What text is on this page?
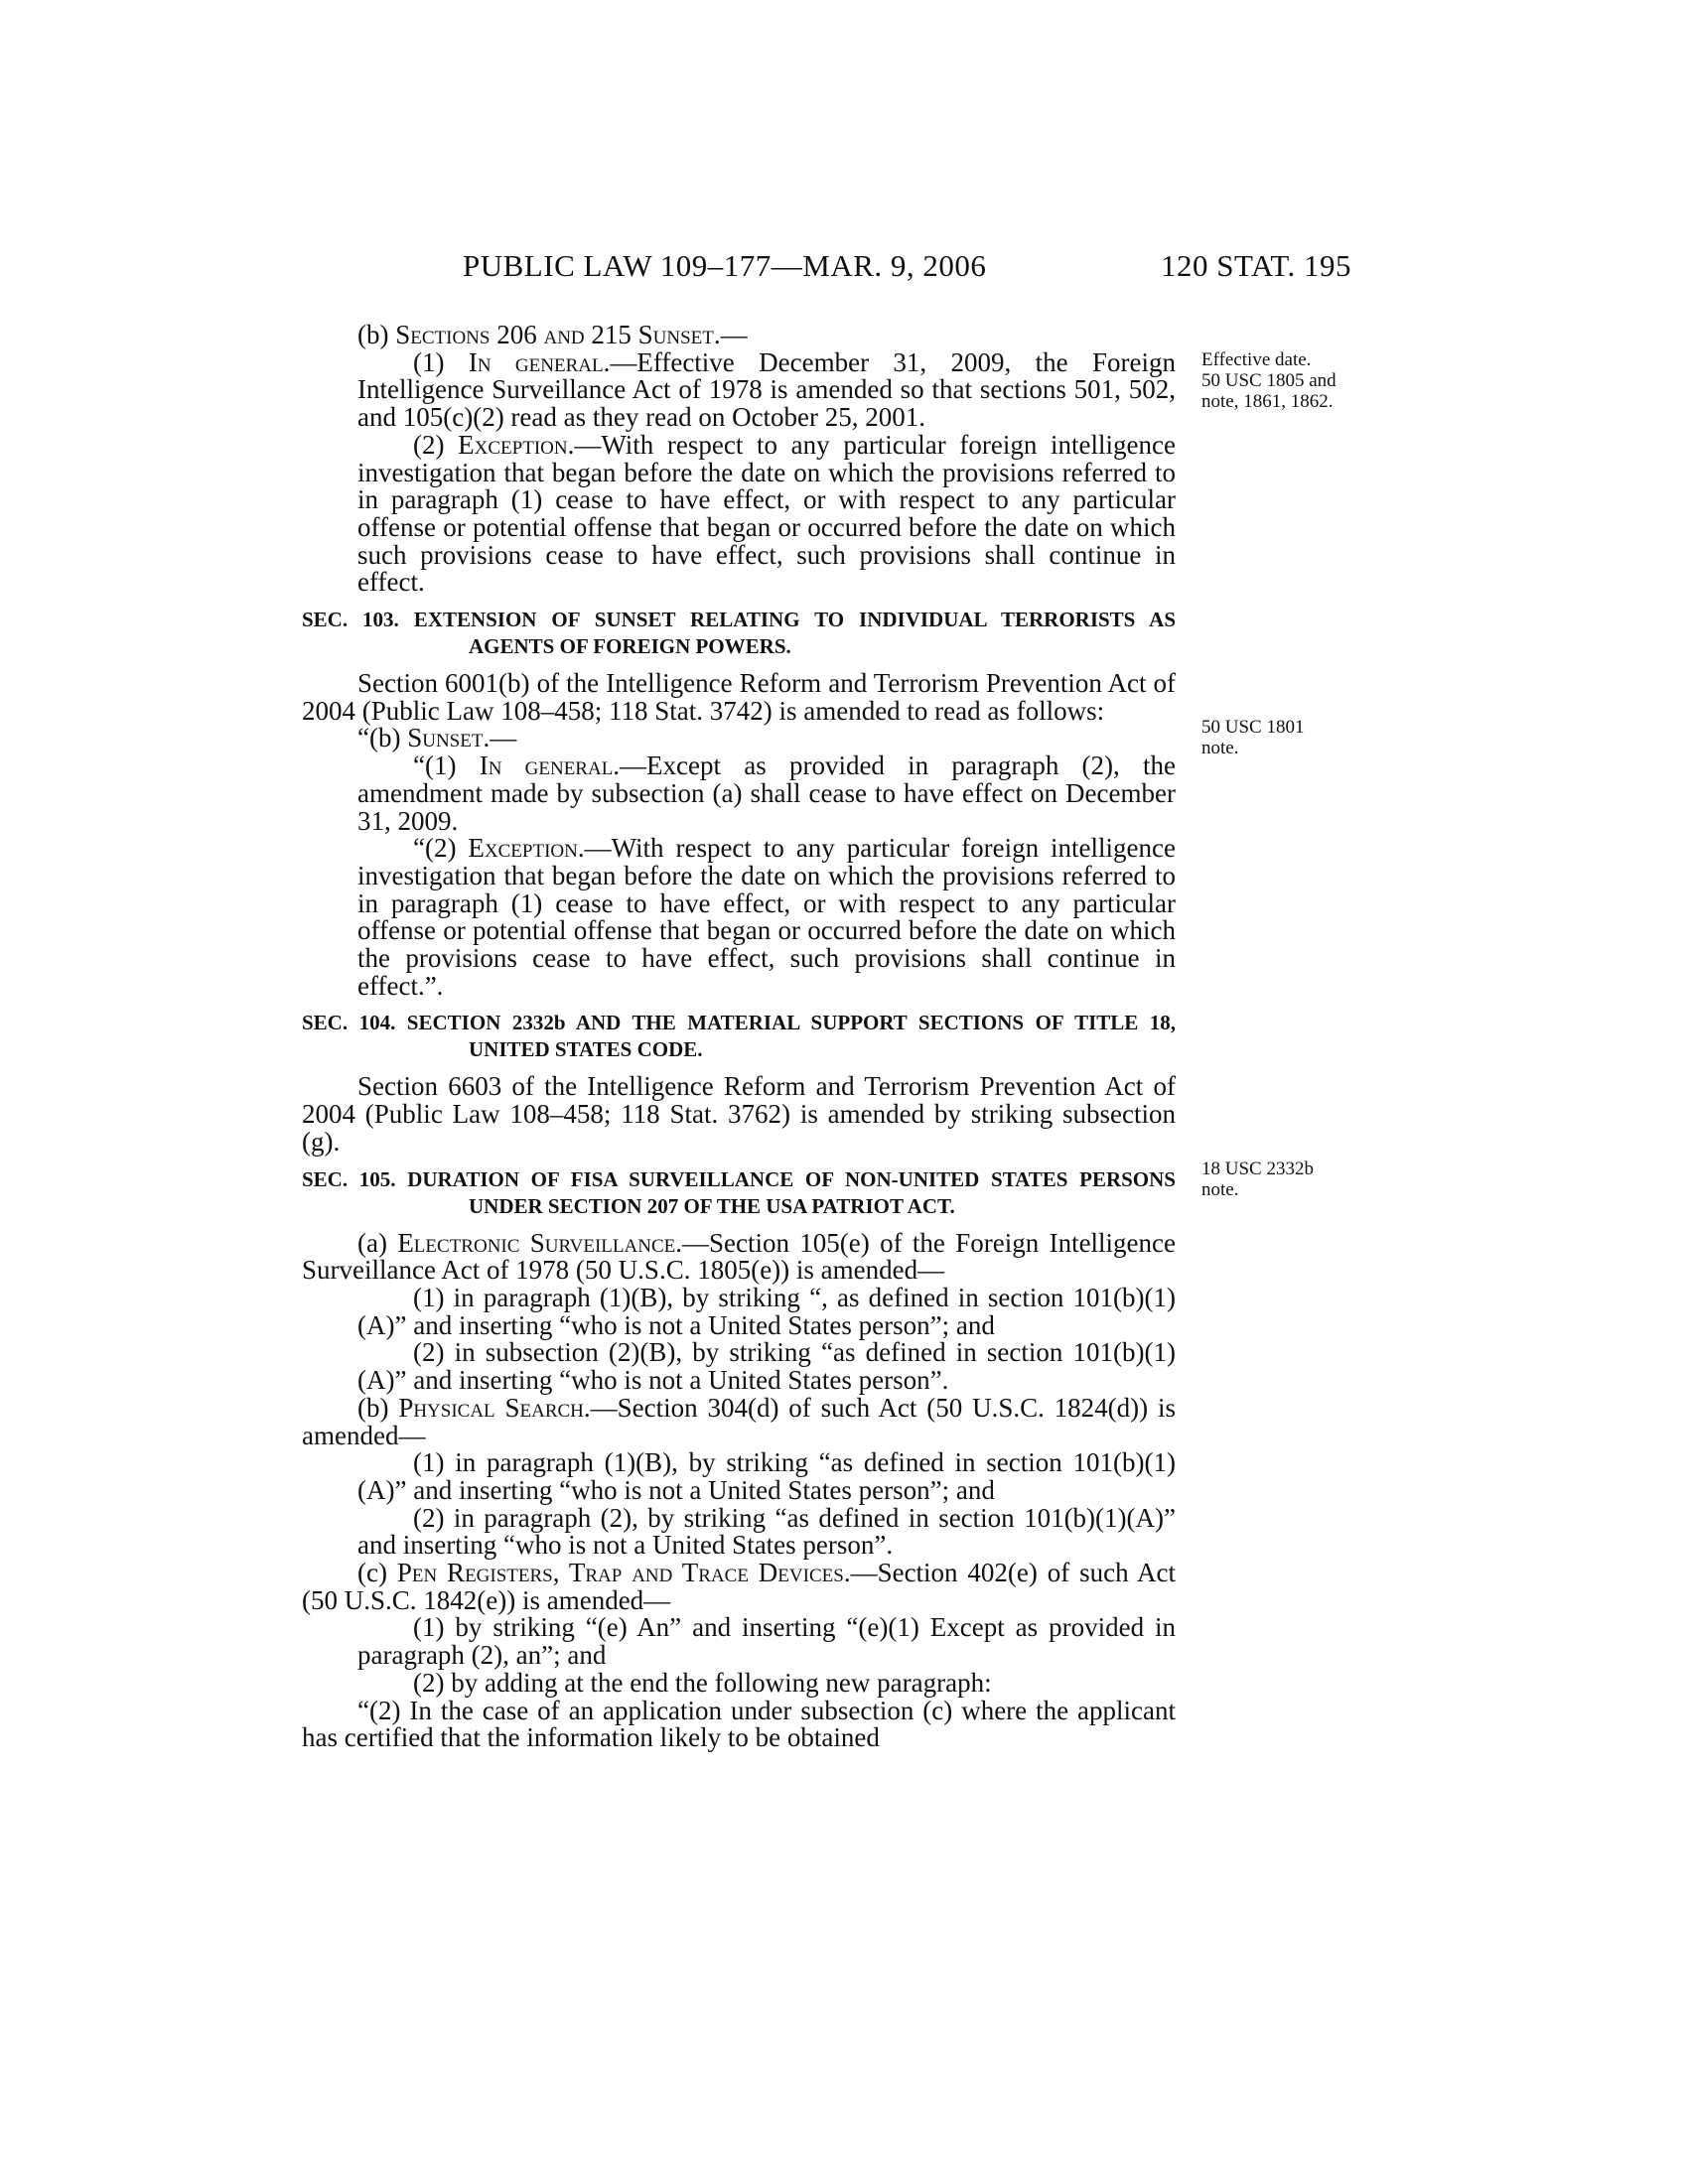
PUBLIC LAW 109–177—MAR. 9, 2006	120 STAT. 195
Effective date.
50 USC 1805 and
note, 1861, 1862.
50 USC 1801
note.
18 USC 2332b
note.

(b) Sections 206 and 215 Sunset.—

(1) In general.—Effective December 31, 2009, the Foreign Intelligence Surveillance Act of 1978 is amended so that sections 501, 502, and 105(c)(2) read as they read on October 25, 2001.

(2) Exception.—With respect to any particular foreign intelligence investigation that began before the date on which the provisions referred to in paragraph (1) cease to have effect, or with respect to any particular offense or potential offense that began or occurred before the date on which such provisions cease to have effect, such provisions shall continue in effect.

SEC. 103. EXTENSION OF SUNSET RELATING TO INDIVIDUAL TERRORISTS AS AGENTS OF FOREIGN POWERS.

Section 6001(b) of the Intelligence Reform and Terrorism Prevention Act of 2004 (Public Law 108–458; 118 Stat. 3742) is amended to read as follows:

“(b) Sunset.—

“(1) In general.—Except as provided in paragraph (2), the amendment made by subsection (a) shall cease to have effect on December 31, 2009.

“(2) Exception.—With respect to any particular foreign intelligence investigation that began before the date on which the provisions referred to in paragraph (1) cease to have effect, or with respect to any particular offense or potential offense that began or occurred before the date on which the provisions cease to have effect, such provisions shall continue in effect.”.

SEC. 104. SECTION 2332b AND THE MATERIAL SUPPORT SECTIONS OF TITLE 18, UNITED STATES CODE.

Section 6603 of the Intelligence Reform and Terrorism Prevention Act of 2004 (Public Law 108–458; 118 Stat. 3762) is amended by striking subsection (g).

SEC. 105. DURATION OF FISA SURVEILLANCE OF NON-UNITED STATES PERSONS UNDER SECTION 207 OF THE USA PATRIOT ACT.

(a) Electronic Surveillance.—Section 105(e) of the Foreign Intelligence Surveillance Act of 1978 (50 U.S.C. 1805(e)) is amended—

(1) in paragraph (1)(B), by striking “, as defined in section 101(b)(1)(A)” and inserting “who is not a United States person”; and

(2) in subsection (2)(B), by striking “as defined in section 101(b)(1)(A)” and inserting “who is not a United States person”.

(b) Physical Search.—Section 304(d) of such Act (50 U.S.C. 1824(d)) is amended—

(1) in paragraph (1)(B), by striking “as defined in section 101(b)(1)(A)” and inserting “who is not a United States person”; and

(2) in paragraph (2), by striking “as defined in section 101(b)(1)(A)” and inserting “who is not a United States person”.

(c) Pen Registers, Trap and Trace Devices.—Section 402(e) of such Act (50 U.S.C. 1842(e)) is amended—

(1) by striking “(e) An” and inserting “(e)(1) Except as provided in paragraph (2), an”; and

(2) by adding at the end the following new paragraph:

“(2) In the case of an application under subsection (c) where the applicant has certified that the information likely to be obtained
